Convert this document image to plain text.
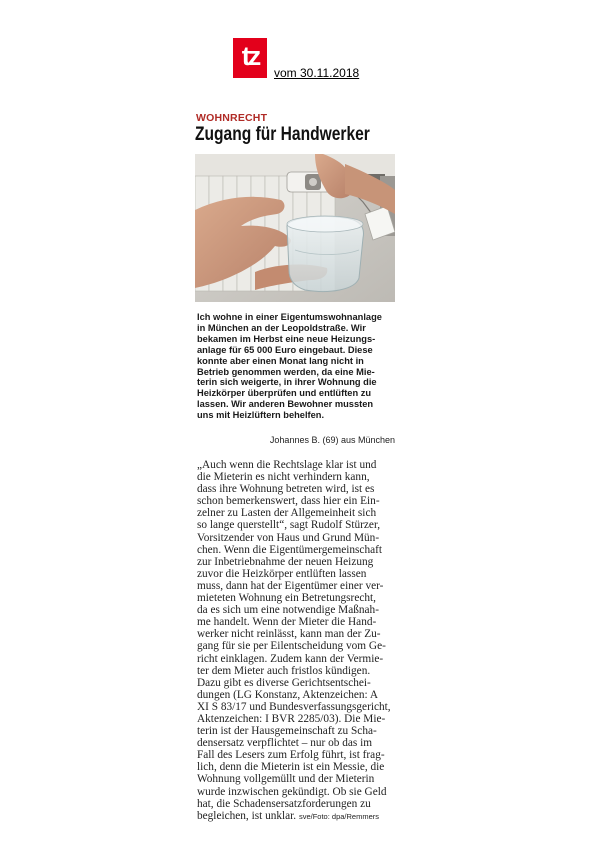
tz
vom 30.11.2018
WOHNRECHT
Zugang für Handwerker
Ich wohne in einer Eigentumswohnanlage
in München an der Leopoldstraße. Wir
bekamen im Herbst eine neue Heizungs-
anlage für 65 000 Euro eingebaut. Diese
konnte aber einen Monat lang nicht in
Betrieb genommen werden, da eine Mie-
terin sich weigerte, in ihrer Wohnung die
Heizkörper überprüfen und entlüften zu
lassen. Wir anderen Bewohner mussten
uns mit Heizlüftern behelfen.
Johannes B. (69) aus München
„Auch wenn die Rechtslage klar ist und
die Mieterin es nicht verhindern kann,
dass ihre Wohnung betreten wird, ist es
schon bemerkenswert, dass hier ein Ein-
zelner zu Lasten der Allgemeinheit sich
so lange querstellt“, sagt Rudolf Stürzer,
Vorsitzender von Haus und Grund Mün-
chen. Wenn die Eigentümergemeinschaft
zur Inbetriebnahme der neuen Heizung
zuvor die Heizkörper entlüften lassen
muss, dann hat der Eigentümer einer ver-
mieteten Wohnung ein Betretungsrecht,
da es sich um eine notwendige Maßnah-
me handelt. Wenn der Mieter die Hand-
werker nicht reinlässt, kann man der Zu-
gang für sie per Eilentscheidung vom Ge-
richt einklagen. Zudem kann der Vermie-
ter dem Mieter auch fristlos kündigen.
Dazu gibt es diverse Gerichtsentschei-
dungen (LG Konstanz, Aktenzeichen: A
XI S 83/17 und Bundesverfassungsgericht,
Aktenzeichen: I BVR 2285/03). Die Mie-
terin ist der Hausgemeinschaft zu Scha-
densersatz verpflichtet – nur ob das im
Fall des Lesers zum Erfolg führt, ist frag-
lich, denn die Mieterin ist ein Messie, die
Wohnung vollgemüllt und der Mieterin
wurde inzwischen gekündigt. Ob sie Geld
hat, die Schadensersatzforderungen zu
begleichen, ist unklar. sve/Foto: dpa/Remmers
